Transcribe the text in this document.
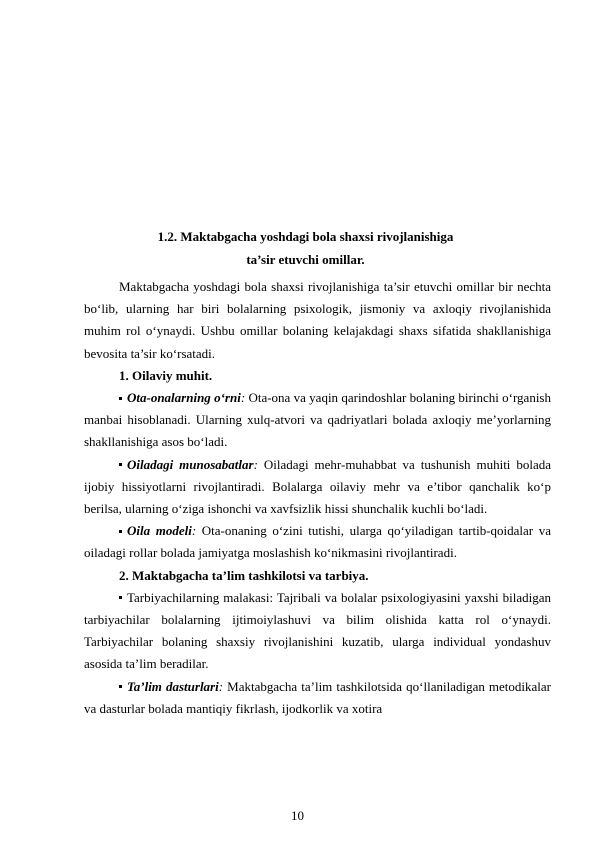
1.2. Maktabgacha yoshdagi bola shaxsi rivojlanishiga
ta’sir etuvchi omillar.

Maktabgacha yoshdagi bola shaxsi rivojlanishiga ta’sir etuvchi omillar bir nechta bo‘lib, ularning har biri bolalarning psixologik, jismoniy va axloqiy rivojlanishida muhim rol o‘ynaydi. Ushbu omillar bolaning kelajakdagi shaxs sifatida shakllanishiga bevosita ta’sir ko‘rsatadi.

1. Oilaviy muhit.

Ota-onalarning o‘rni: Ota-ona va yaqin qarindoshlar bolaning birinchi o‘rganish manbai hisoblanadi. Ularning xulq-atvori va qadriyatlari bolada axloqiy me’yorlarning shakllanishiga asos bo‘ladi.

Oiladagi munosabatlar: Oiladagi mehr-muhabbat va tushunish muhiti bolada ijobiy hissiyotlarni rivojlantiradi. Bolalarga oilaviy mehr va e’tibor qanchalik ko‘p berilsa, ularning o‘ziga ishonchi va xavfsizlik hissi shunchalik kuchli bo‘ladi.

Oila modeli: Ota-onaning o‘zini tutishi, ularga qo‘yiladigan tartib-qoidalar va oiladagi rollar bolada jamiyatga moslashish ko‘nikmasini rivojlantiradi.

2. Maktabgacha ta’lim tashkilotsi va tarbiya.

Tarbiyachilarning malakasi: Tajribali va bolalar psixologiyasini yaxshi biladigan tarbiyachilar bolalarning ijtimoiylashuvi va bilim olishida katta rol o‘ynaydi. Tarbiyachilar bolaning shaxsiy rivojlanishini kuzatib, ularga individual yondashuv asosida ta’lim beradilar.

Ta’lim dasturlari: Maktabgacha ta’lim tashkilotsida qo‘llaniladigan metodikalar va dasturlar bolada mantiqiy fikrlash, ijodkorlik va xotira

10
